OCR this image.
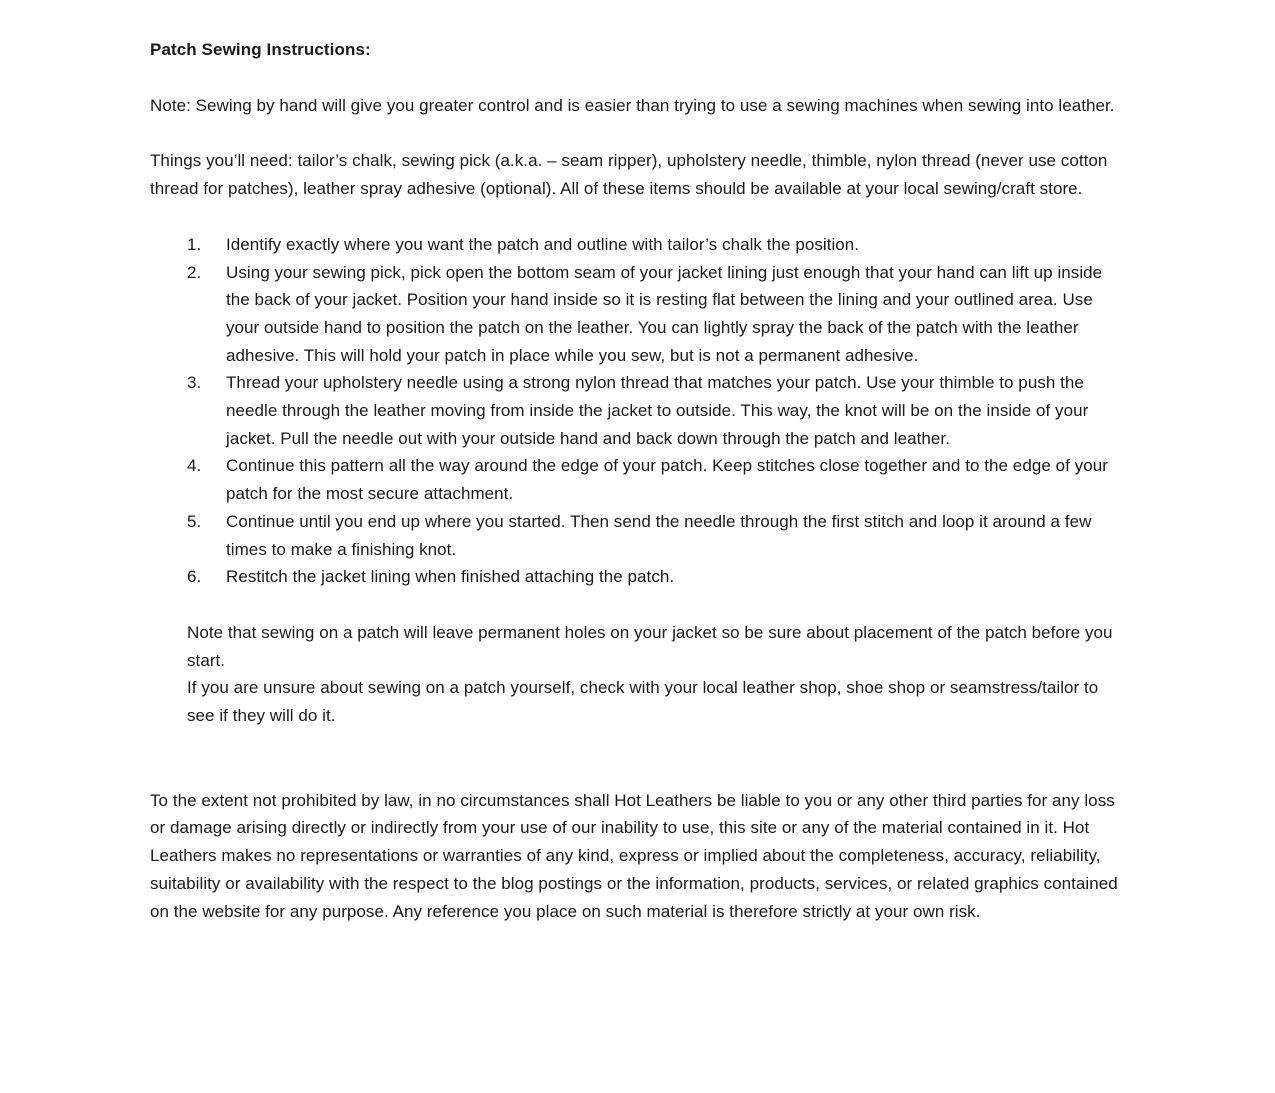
Patch Sewing Instructions:
Note: Sewing by hand will give you greater control and is easier than trying to use a sewing machines when sewing into leather.
Things you’ll need: tailor’s chalk, sewing pick (a.k.a. – seam ripper), upholstery needle, thimble, nylon thread (never use cotton thread for patches), leather spray adhesive (optional). All of these items should be available at your local sewing/craft store.
1.	Identify exactly where you want the patch and outline with tailor’s chalk the position.
2.	Using your sewing pick, pick open the bottom seam of your jacket lining just enough that your hand can lift up inside the back of your jacket. Position your hand inside so it is resting flat between the lining and your outlined area. Use your outside hand to position the patch on the leather. You can lightly spray the back of the patch with the leather adhesive. This will hold your patch in place while you sew, but is not a permanent adhesive.
3.	Thread your upholstery needle using a strong nylon thread that matches your patch. Use your thimble to push the needle through the leather moving from inside the jacket to outside. This way, the knot will be on the inside of your jacket. Pull the needle out with your outside hand and back down through the patch and leather.
4.	Continue this pattern all the way around the edge of your patch. Keep stitches close together and to the edge of your patch for the most secure attachment.
5.	Continue until you end up where you started. Then send the needle through the first stitch and loop it around a few times to make a finishing knot.
6.	Restitch the jacket lining when finished attaching the patch.
Note that sewing on a patch will leave permanent holes on your jacket so be sure about placement of the patch before you start.
If you are unsure about sewing on a patch yourself, check with your local leather shop, shoe shop or seamstress/tailor to see if they will do it.
To the extent not prohibited by law, in no circumstances shall Hot Leathers be liable to you or any other third parties for any loss or damage arising directly or indirectly from your use of our inability to use, this site or any of the material contained in it. Hot Leathers makes no representations or warranties of any kind, express or implied about the completeness, accuracy, reliability, suitability or availability with the respect to the blog postings or the information, products, services, or related graphics contained on the website for any purpose. Any reference you place on such material is therefore strictly at your own risk.
